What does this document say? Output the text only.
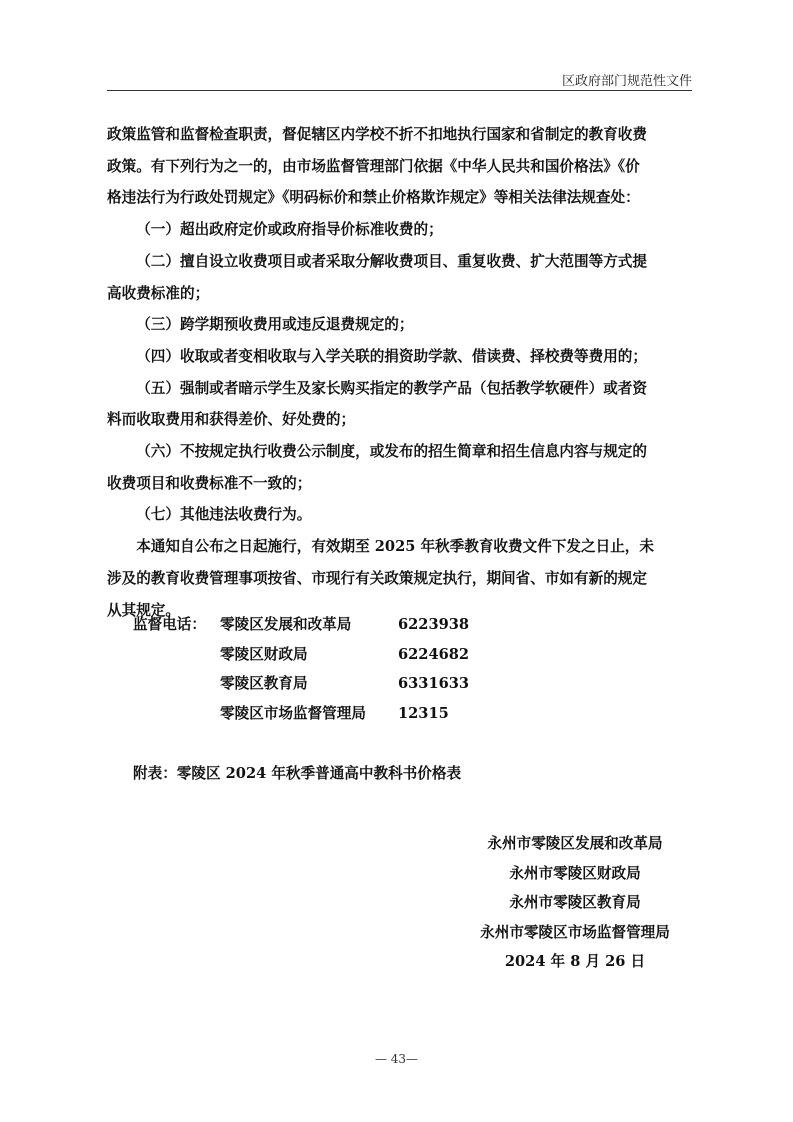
区政府部门规范性文件

政策监管和监督检查职责，督促辖区内学校不折不扣地执行国家和省制定的教育收费
政策。有下列行为之一的，由市场监督管理部门依据《中华人民共和国价格法》《价
格违法行为行政处罚规定》《明码标价和禁止价格欺诈规定》等相关法律法规查处：

（一）超出政府定价或政府指导价标准收费的；

（二）擅自设立收费项目或者采取分解收费项目、重复收费、扩大范围等方式提
高收费标准的；

（三）跨学期预收费用或违反退费规定的；

（四）收取或者变相收取与入学关联的捐资助学款、借读费、择校费等费用的；

（五）强制或者暗示学生及家长购买指定的教学产品（包括教学软硬件）或者资
料而收取费用和获得差价、好处费的；

（六）不按规定执行收费公示制度，或发布的招生简章和招生信息内容与规定的
收费项目和收费标准不一致的；

（七）其他违法收费行为。

本通知自公布之日起施行，有效期至 2025 年秋季教育收费文件下发之日止，未
涉及的教育收费管理事项按省、市现行有关政策规定执行，期间省、市如有新的规定
从其规定。

监督电话： 零陵区发展和改革局	6223938
零陵区财政局	6224682
零陵区教育局	6331633
零陵区市场监督管理局	12315
附表：零陵区 2024 年秋季普通高中教科书价格表
永州市零陵区发展和改革局
永州市零陵区财政局
永州市零陵区教育局
永州市零陵区市场监督管理局
2024 年 8 月 26 日
— 43—
